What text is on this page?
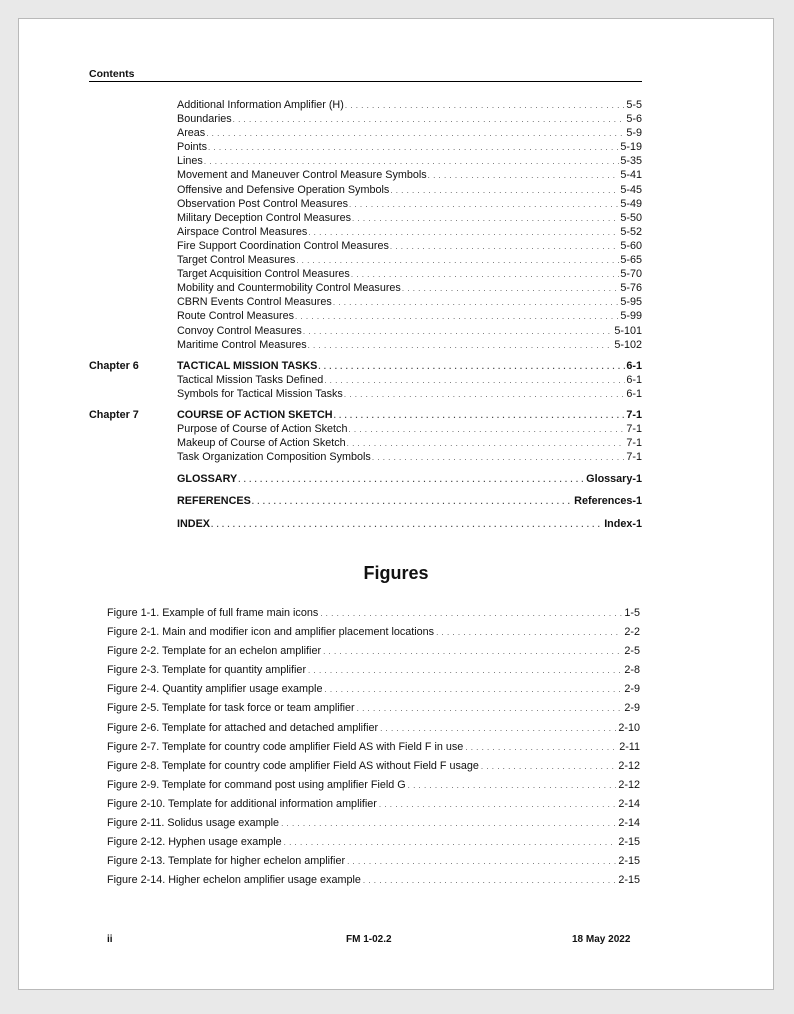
Contents
Additional Information Amplifier (H) . . .	5-5
Boundaries . . .	5-6
Areas . . .	5-9
Points . . .	5-19
Lines . . .	5-35
Movement and Maneuver Control Measure Symbols . . .	5-41
Offensive and Defensive Operation Symbols . . .	5-45
Observation Post Control Measures . . .	5-49
Military Deception Control Measures . . .	5-50
Airspace Control Measures . . .	5-52
Fire Support Coordination Control Measures . . .	5-60
Target Control Measures . . .	5-65
Target Acquisition Control Measures . . .	5-70
Mobility and Countermobility Control Measures . . .	5-76
CBRN Events Control Measures . . .	5-95
Route Control Measures . . .	5-99
Convoy Control Measures . . .	5-101
Maritime Control Measures . . .	5-102
Chapter 6	TACTICAL MISSION TASKS . . .	6-1
Tactical Mission Tasks Defined . . .	6-1
Symbols for Tactical Mission Tasks . . .	6-1
Chapter 7	COURSE OF ACTION SKETCH . . .	7-1
Purpose of Course of Action Sketch . . .	7-1
Makeup of Course of Action Sketch . . .	7-1
Task Organization Composition Symbols . . .	7-1
GLOSSARY . . .	Glossary-1
REFERENCES . . .	References-1
INDEX . . .	Index-1
Figures
Figure 1-1. Example of full frame main icons . . .	1-5
Figure 2-1. Main and modifier icon and amplifier placement locations . . .	2-2
Figure 2-2. Template for an echelon amplifier . . .	2-5
Figure 2-3. Template for quantity amplifier . . .	2-8
Figure 2-4. Quantity amplifier usage example . . .	2-9
Figure 2-5. Template for task force or team amplifier . . .	2-9
Figure 2-6. Template for attached and detached amplifier . . .	2-10
Figure 2-7. Template for country code amplifier Field AS with Field F in use . . .	2-11
Figure 2-8. Template for country code amplifier Field AS without Field F usage . . .	2-12
Figure 2-9. Template for command post using amplifier Field G . . .	2-12
Figure 2-10. Template for additional information amplifier . . .	2-14
Figure 2-11. Solidus usage example . . .	2-14
Figure 2-12. Hyphen usage example . . .	2-15
Figure 2-13. Template for higher echelon amplifier . . .	2-15
Figure 2-14. Higher echelon amplifier usage example . . .	2-15
ii	FM 1-02.2	18 May 2022
